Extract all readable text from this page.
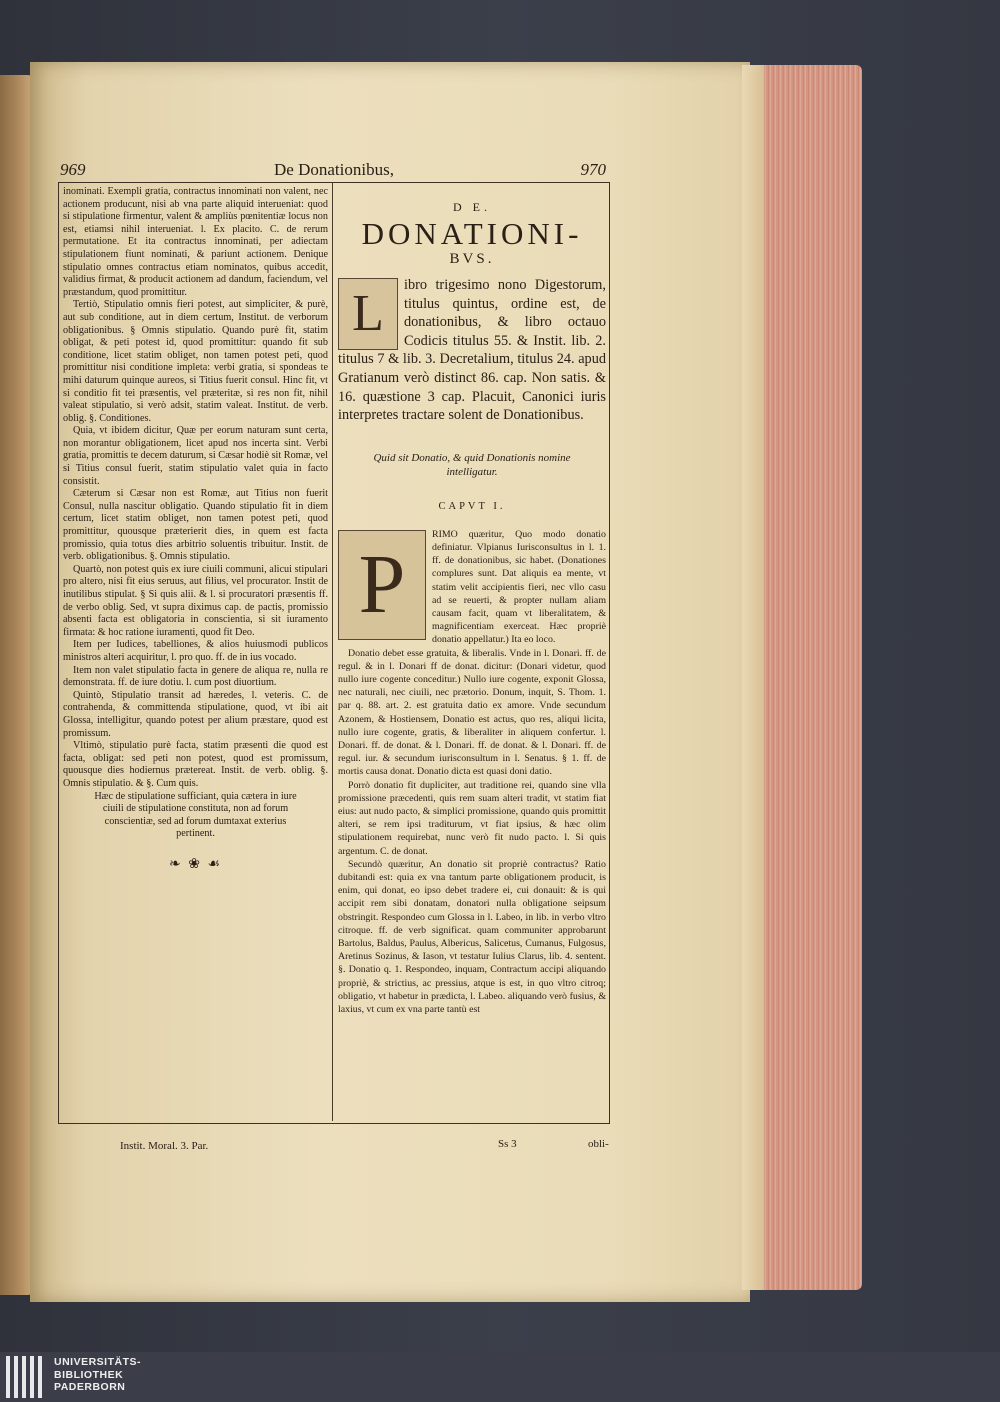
969	De Donationibus,	970

inominati. Exempli gratia, contractus innominati non valent, nec actionem producunt, nisi ab vna parte aliquid interueniat: quod si stipulatione firmentur, valent & ampliùs pœnitentiæ locus non est, etiamsi nihil interueniat. l. Ex placito. C. de rerum permutatione. Et ita contractus innominati, per adiectam stipulationem fiunt nominati, & pariunt actionem. Denique stipulatio omnes contractus etiam nominatos, quibus accedit, validius firmat, & producit actionem ad dandum, faciendum, vel præstandum, quod promittitur.

Tertiò, Stipulatio omnis fieri potest, aut simpliciter, & purè, aut sub conditione, aut in diem certum, Institut. de verborum obligationibus. § Omnis stipulatio. Quando purè fit, statim obligat, & peti potest id, quod promittitur: quando fit sub conditione, licet statim obliget, non tamen potest peti, quod promittitur nisi conditione impleta: verbi gratia, si spondeas te mihi daturum quinque aureos, si Titius fuerit consul. Hinc fit, vt si conditio fit tei præsentis, vel præteritæ, si res non fit, nihil valeat stipulatio, si verò adsit, statim valeat. Institut. de verb. oblig. §. Conditiones.

Quia, vt ibidem dicitur, Quæ per eorum naturam sunt certa, non morantur obligationem, licet apud nos incerta sint. Verbi gratia, promittis te decem daturum, si Cæsar hodiè sit Romæ, vel si Titius consul fuerit, statim stipulatio valet quia in facto consistit.

Cæterum si Cæsar non est Romæ, aut Titius non fuerit Consul, nulla nascitur obligatio. Quando stipulatio fit in diem certum, licet statim obliget, non tamen potest peti, quod promittitur, quousque præterierit dies, in quem est facta promissio, quia totus dies arbitrio soluentis tribuitur. Instit. de verb. obligationibus. §. Omnis stipulatio.

Quartò, non potest quis ex iure ciuili communi, alicui stipulari pro altero, nisi fit eius seruus, aut filius, vel procurator. Instit de inutilibus stipulat. § Si quis alii. & l. si procuratori præsentis ff. de verbo oblig. Sed, vt supra diximus cap. de pactis, promissio absenti facta est obligatoria in conscientia, si sit iuramento firmata: & hoc ratione iuramenti, quod fit Deo.

Item per Iudices, tabelliones, & alios huiusmodi publicos ministros alteri acquiritur, l. pro quo. ff. de in ius vocado.

Item non valet stipulatio facta in genere de aliqua re, nulla re demonstrata. ff. de iure dotiu. l. cum post diuortium.

Quintò, Stipulatio transit ad hæredes, l. veteris. C. de contrahenda, & committenda stipulatione, quod, vt ibi ait Glossa, intelligitur, quando potest per alium præstare, quod est promissum.

Vltimò, stipulatio purè facta, statim præsenti die quod est facta, obligat: sed peti non potest, quod est promissum, quousque dies hodiernus prætereat. Instit. de verb. oblig. §. Omnis stipulatio. & §. Cum quis.

Hæc de stipulatione sufficiant, quia cætera in iure ciuili de stipulatione constituta, non ad forum conscientiæ, sed ad forum dumtaxat exterius pertinent.

❧ ❀ ☙
D E.
DONATIONI-
BVS.
L ibro trigesimo nono Digestorum, titulus quintus, ordine est, de donationibus, & libro octauo Codicis titulus 55. & Instit. lib. 2. titulus 7 & lib. 3. Decretalium, titulus 24. apud Gratianum verò distinct 86. cap. Non satis. & 16. quæstione 3 cap. Placuit, Canonici iuris interpretes tractare solent de Donationibus.
Quid sit Donatio, & quid Donationis nomine intelligatur.
CAPVT I.
P

RIMO quæritur, Quo modo donatio definiatur. Vlpianus Iurisconsultus in l. 1. ff. de donationibus, sic habet. (Donationes complures sunt. Dat aliquis ea mente, vt statim velit accipientis fieri, nec vllo casu ad se reuerti, & propter nullam aliam causam facit, quam vt liberalitatem, & magnificentiam exerceat. Hæc propriè donatio appellatur.) Ita eo loco.

Donatio debet esse gratuita, & liberalis. Vnde in l. Donari. ff. de regul. & in l. Donari ff de donat. dicitur: (Donari videtur, quod nullo iure cogente conceditur.) Nullo iure cogente, exponit Glossa, nec naturali, nec ciuili, nec prætorio. Donum, inquit, S. Thom. 1. par q. 88. art. 2. est gratuita datio ex amore. Vnde secundum Azonem, & Hostiensem, Donatio est actus, quo res, aliqui licita, nullo iure cogente, gratis, & liberaliter in aliquem confertur. l. Donari. ff. de donat. & l. Donari. ff. de donat. & l. Donari. ff. de regul. iur. & secundum iurisconsultum in l. Senatus. § 1. ff. de mortis causa donat. Donatio dicta est quasi doni datio.

Porrò donatio fit dupliciter, aut traditione rei, quando sine vlla promissione præcedenti, quis rem suam alteri tradit, vt statim fiat eius: aut nudo pacto, & simplici promissione, quando quis promittit alteri, se rem ipsi traditurum, vt fiat ipsius, & hæc olim stipulationem requirebat, nunc verò fit nudo pacto. l. Si quis argentum. C. de donat.

Secundò quæritur, An donatio sit propriè contractus? Ratio dubitandi est: quia ex vna tantum parte obligationem producit, is enim, qui donat, eo ipso debet tradere ei, cui donauit: & is qui accipit rem sibi donatam, donatori nulla obligatione seipsum obstringit. Respondeo cum Glossa in l. Labeo, in lib. in verbo vltro citroque. ff. de verb significat. quam communiter approbarunt Bartolus, Baldus, Paulus, Albericus, Salicetus, Cumanus, Fulgosus, Aretinus Sozinus, & Iason, vt testatur Iulius Clarus, lib. 4. sentent. §. Donatio q. 1. Respondeo, inquam, Contractum accipi aliquando propriè, & strictius, ac pressius, atque is est, in quo vltro citroq; obligatio, vt habetur in prædicta, l. Labeo. aliquando verò fusius, & laxius, vt cum ex vna parte tantù est

Instit. Moral. 3. Par.	Ss 3	obli-
UNIVERSITÄTS-
BIBLIOTHEK
PADERBORN
